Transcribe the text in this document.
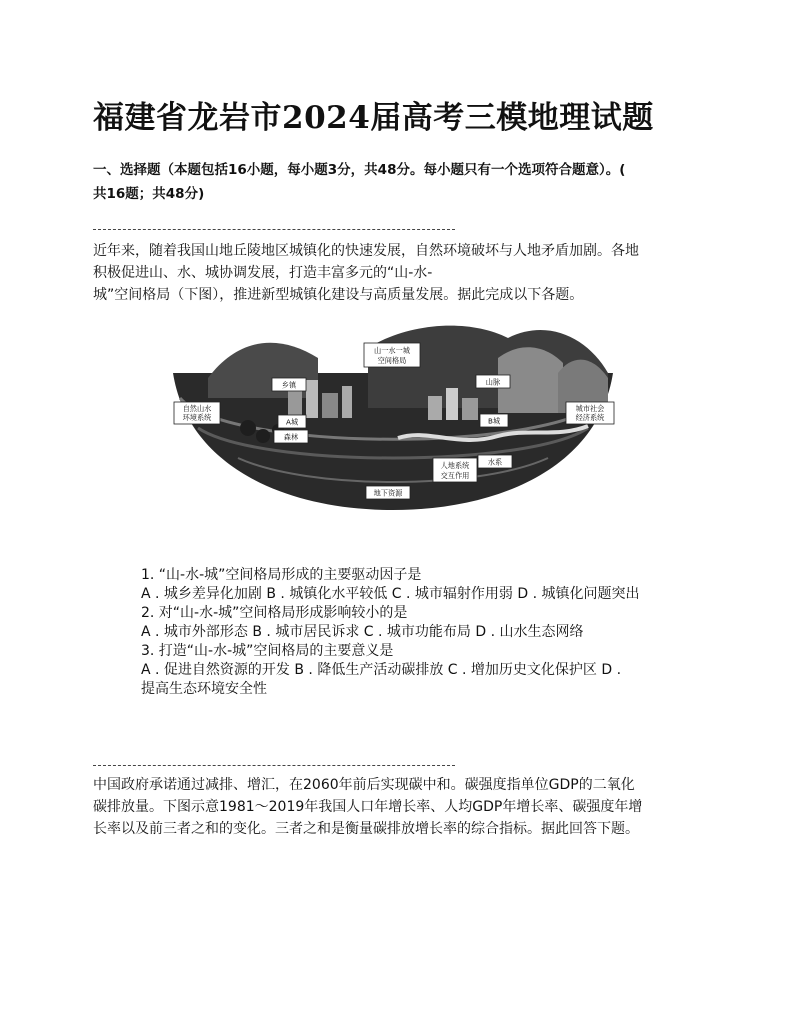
福建省龙岩市2024届高考三模地理试题
一、选择题（本题包括16小题，每小题3分，共48分。每小题只有一个选项符合题意）。(
共16题；共48分)

近年来，随着我国山地丘陵地区城镇化的快速发展，自然环境破坏与人地矛盾加剧。各地

积极促进山、水、城协调发展，打造丰富多元的“山-水-

城”空间格局（下图），推进新型城镇化建设与高质量发展。据此完成以下各题。

山一水一城
空间格局
乡镇	山脉
自然山水
环境系统	A城	B城
城市社会
经济系统
森林
水系
人地系统
交互作用
地下资源
1. “山-水-城”空间格局形成的主要驱动因子是
A . 城乡差异化加剧 B . 城镇化水平较低 C . 城市辐射作用弱 D . 城镇化问题突出
2. 对“山-水-城”空间格局形成影响较小的是
A . 城市外部形态 B . 城市居民诉求 C . 城市功能布局 D . 山水生态网络
3. 打造“山-水-城”空间格局的主要意义是
A . 促进自然资源的开发 B . 降低生产活动碳排放 C . 增加历史文化保护区 D .
提高生态环境安全性

中国政府承诺通过减排、增汇，在2060年前后实现碳中和。碳强度指单位GDP的二氧化

碳排放量。下图示意1981～2019年我国人口年增长率、人均GDP年增长率、碳强度年增

长率以及前三者之和的变化。三者之和是衡量碳排放增长率的综合指标。据此回答下题。
